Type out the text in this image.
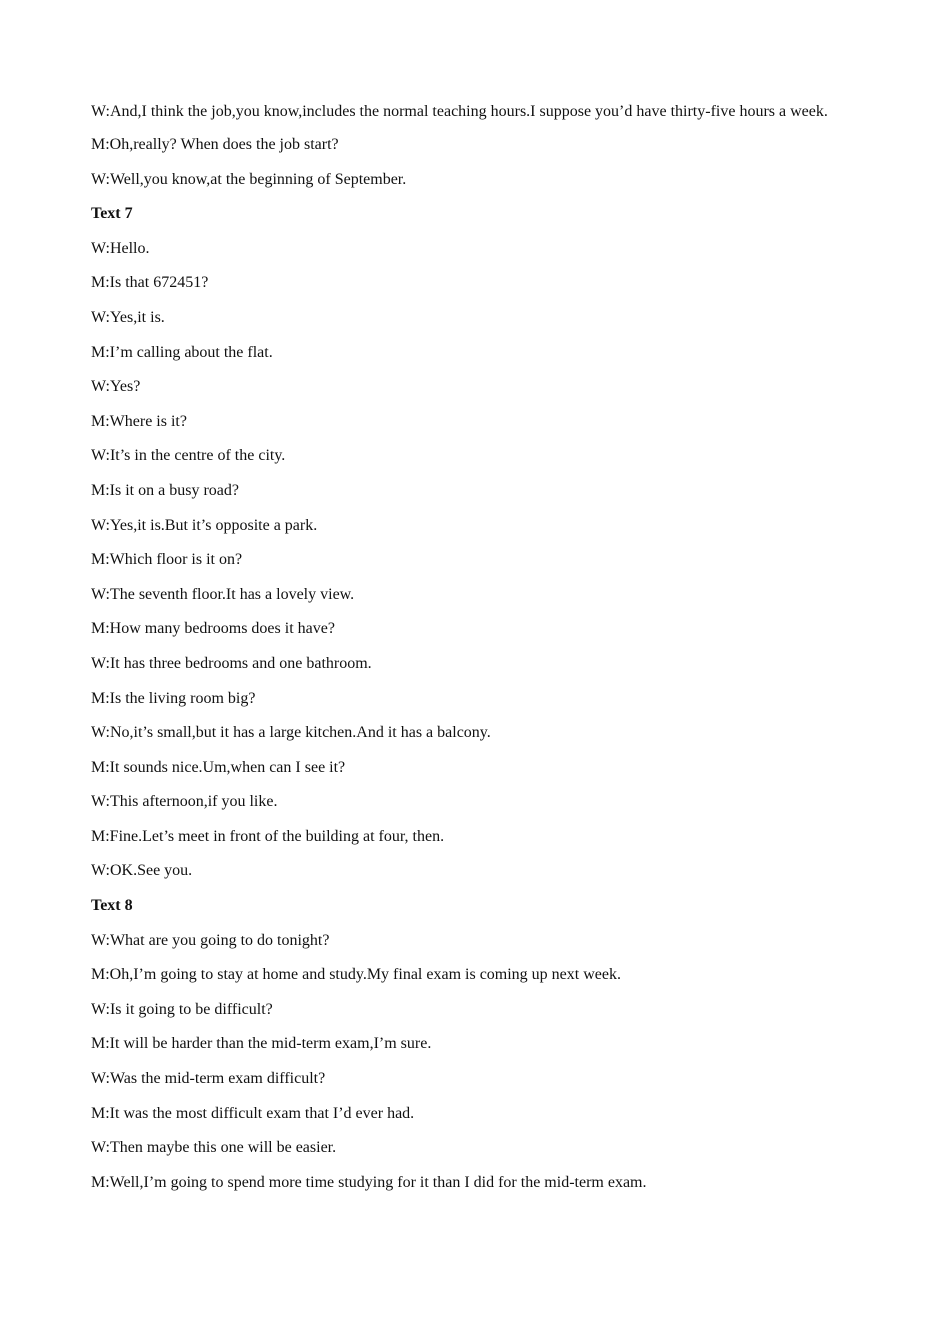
W:And,I think the job,you know,includes the normal teaching hours.I suppose you’d have thirty-five hours a week.
M:Oh,really? When does the job start?
W:Well,you know,at the beginning of September.
Text 7
W:Hello.
M:Is that 672451?
W:Yes,it is.
M:I’m calling about the flat.
W:Yes?
M:Where is it?
W:It’s in the centre of the city.
M:Is it on a busy road?
W:Yes,it is.But it’s opposite a park.
M:Which floor is it on?
W:The seventh floor.It has a lovely view.
M:How many bedrooms does it have?
W:It has three bedrooms and one bathroom.
M:Is the living room big?
W:No,it’s small,but it has a large kitchen.And it has a balcony.
M:It sounds nice.Um,when can I see it?
W:This afternoon,if you like.
M:Fine.Let’s meet in front of the building at four, then.
W:OK.See you.
Text 8
W:What are you going to do tonight?
M:Oh,I’m going to stay at home and study.My final exam is coming up next week.
W:Is it going to be difficult?
M:It will be harder than the mid-term exam,I’m sure.
W:Was the mid-term exam difficult?
M:It was the most difficult exam that I’d ever had.
W:Then maybe this one will be easier.
M:Well,I’m going to spend more time studying for it than I did for the mid-term exam.
